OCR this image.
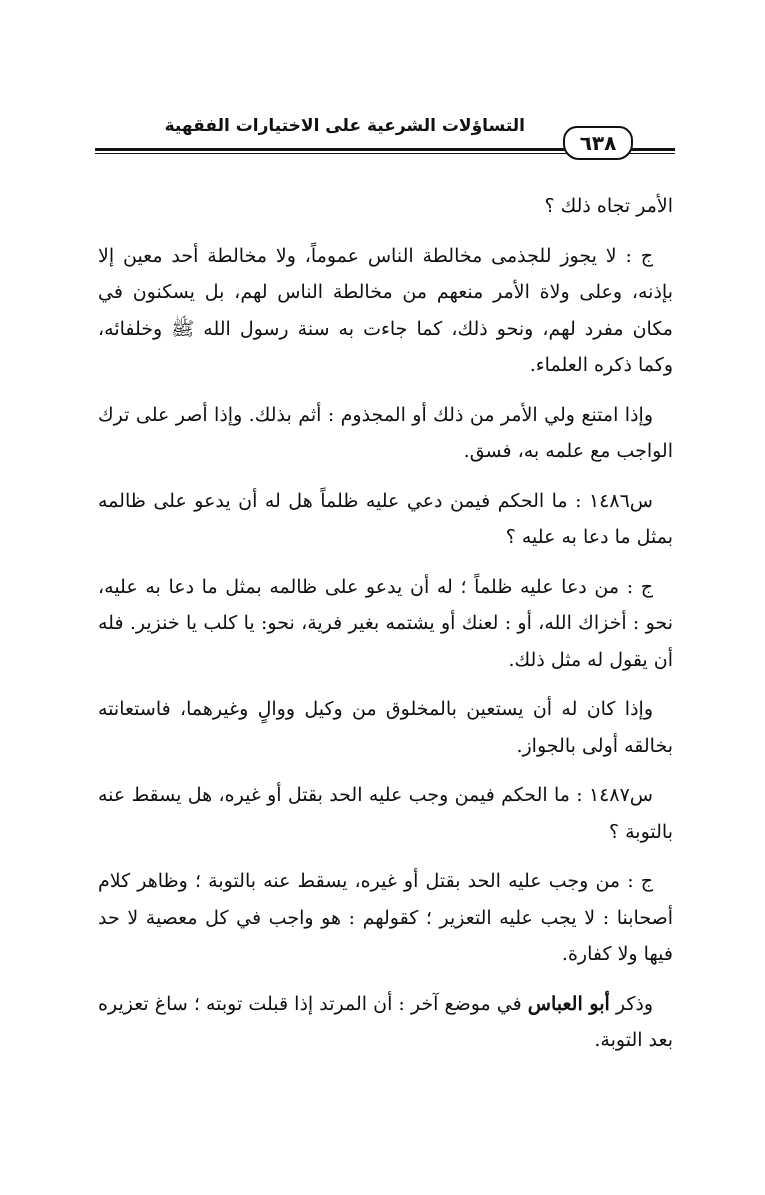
التساؤلات الشرعية على الاختيارات الفقهية
٦٣٨

الأمر تجاه ذلك ؟

ج : لا يجوز للجذمى مخالطة الناس عموماً، ولا مخالطة أحد معين إلا بإذنه، وعلى ولاة الأمر منعهم من مخالطة الناس لهم، بل يسكنون في مكان مفرد لهم، ونحو ذلك، كما جاءت به سنة رسول الله ﷺ وخلفائه، وكما ذكره العلماء.

وإذا امتنع ولي الأمر من ذلك أو المجذوم : أثم بذلك. وإذا أصر على ترك الواجب مع علمه به، فسق.

س١٤٨٦ : ما الحكم فيمن دعي عليه ظلماً هل له أن يدعو على ظالمه بمثل ما دعا به عليه ؟

ج : من دعا عليه ظلماً ؛ له أن يدعو على ظالمه بمثل ما دعا به عليه، نحو : أخزاك الله، أو : لعنك أو يشتمه بغير فرية، نحو: يا كلب يا خنزير. فله أن يقول له مثل ذلك.

وإذا كان له أن يستعين بالمخلوق من وكيل ووالٍ وغيرهما، فاستعانته بخالقه أولى بالجواز.

س١٤٨٧ : ما الحكم فيمن وجب عليه الحد بقتل أو غيره، هل يسقط عنه بالتوبة ؟

ج : من وجب عليه الحد بقتل أو غيره، يسقط عنه بالتوبة ؛ وظاهر كلام أصحابنا : لا يجب عليه التعزير ؛ كقولهم : هو واجب في كل معصية لا حد فيها ولا كفارة.

وذكر أبو العباس في موضع آخر : أن المرتد إذا قبلت توبته ؛ ساغ تعزيره بعد التوبة.
